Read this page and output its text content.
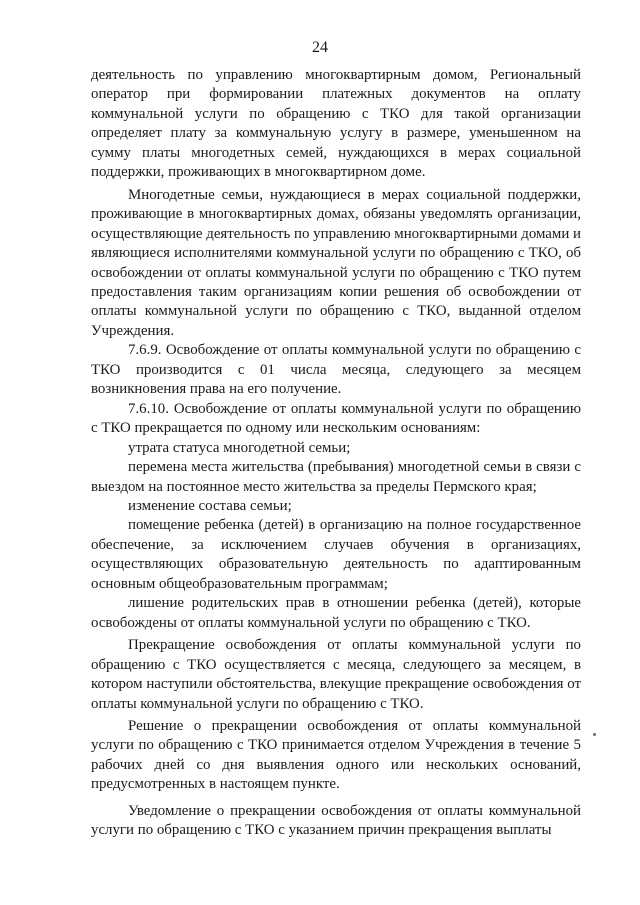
24

деятельность по управлению многоквартирным домом, Региональный оператор при формировании платежных документов на оплату коммунальной услуги по обращению с ТКО для такой организации определяет плату за коммунальную услугу в размере, уменьшенном на сумму платы многодетных семей, нуждающихся в мерах социальной поддержки, проживающих в многоквартирном доме.

Многодетные семьи, нуждающиеся в мерах социальной поддержки, проживающие в многоквартирных домах, обязаны уведомлять организации, осуществляющие деятельность по управлению многоквартирными домами и являющиеся исполнителями коммунальной услуги по обращению с ТКО, об освобождении от оплаты коммунальной услуги по обращению с ТКО путем предоставления таким организациям копии решения об освобождении от оплаты коммунальной услуги по обращению с ТКО, выданной отделом Учреждения.

7.6.9. Освобождение от оплаты коммунальной услуги по обращению с ТКО производится с 01 числа месяца, следующего за месяцем возникновения права на его получение.

7.6.10. Освобождение от оплаты коммунальной услуги по обращению с ТКО прекращается по одному или нескольким основаниям:

утрата статуса многодетной семьи;

перемена места жительства (пребывания) многодетной семьи в связи с выездом на постоянное место жительства за пределы Пермского края;

изменение состава семьи;

помещение ребенка (детей) в организацию на полное государственное обеспечение, за исключением случаев обучения в организациях, осуществляющих образовательную деятельность по адаптированным основным общеобразовательным программам;

лишение родительских прав в отношении ребенка (детей), которые освобождены от оплаты коммунальной услуги по обращению с ТКО.

Прекращение освобождения от оплаты коммунальной услуги по обращению с ТКО осуществляется с месяца, следующего за месяцем, в котором наступили обстоятельства, влекущие прекращение освобождения от оплаты коммунальной услуги по обращению с ТКО.

Решение о прекращении освобождения от оплаты коммунальной услуги по обращению с ТКО принимается отделом Учреждения в течение 5 рабочих дней со дня выявления одного или нескольких оснований, предусмотренных в настоящем пункте.

Уведомление о прекращении освобождения от оплаты коммунальной услуги по обращению с ТКО с указанием причин прекращения выплаты
